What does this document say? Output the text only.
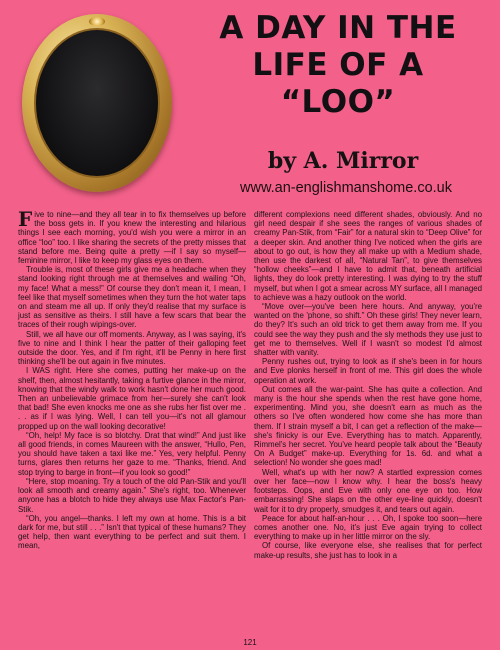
A DAY IN THE
LIFE OF A
“LOO”
by A. Mirror
www.an-englishmanshome.co.uk

Five to nine—and they all tear in to fix themselves up before the boss gets in. If you knew the interesting and hilarious things I see each morning, you'd wish you were a mirror in an office “loo” too. I like sharing the secrets of the pretty misses that stand before me. Being quite a pretty —if I say so myself—feminine mirror, I like to keep my glass eyes on them.

Trouble is, most of these girls give me a headache when they stand looking right through me at themselves and wailing “Oh, my face! What a mess!” Of course they don't mean it, I mean, I feel like that myself sometimes when they turn the hot water taps on and steam me all up. If only they'd realise that my surface is just as sensitive as theirs. I still have a few scars that bear the traces of their rough wipings-over.

Still, we all have our off moments. Anyway, as I was saying, it's five to nine and I think I hear the patter of their galloping feet outside the door. Yes, and if I'm right, it'll be Penny in here first thinking she'll be out again in five minutes.

I WAS right. Here she comes, putting her make-up on the shelf, then, almost hesitantly, taking a furtive glance in the mirror, knowing that the windy walk to work hasn't done her much good. Then an unbelievable grimace from her—surely she can't look that bad! She even knocks me one as she rubs her fist over me . . . as if I was lying. Well, I can tell you—it's not all glamour propped up on the wall looking decorative!

“Oh, help! My face is so blotchy. Drat that wind!” And just like all good friends, in comes Maureen with the answer, “Hullo, Pen, you should have taken a taxi like me.” Yes, very helpful. Penny turns, glares then returns her gaze to me. “Thanks, friend. And stop trying to barge in front—if you look so good!”

“Here, stop moaning. Try a touch of the old Pan-Stik and you'll look all smooth and creamy again.” She's right, too. Whenever anyone has a blotch to hide they always use Max Factor's Pan-Stik.

“Oh, you angel—thanks. I left my own at home. This is a bit dark for me, but still . . .” Isn't that typical of these humans? They get help, then want everything to be perfect and suit them. I mean,

different complexions need different shades, obviously. And no girl need despair if she sees the ranges of various shades of creamy Pan-Stik, from “Fair” for a natural skin to “Deep Olive” for a deeper skin. And another thing I've noticed when the girls are about to go out, is how they all make up with a Medium shade, then use the darkest of all, “Natural Tan”, to give themselves “hollow cheeks”—and I have to admit that, beneath artificial lights, they do look pretty interesting. I was dying to try the stuff myself, but when I got a smear across MY surface, all I managed to achieve was a hazy outlook on the world.

“Move over—you've been here hours. And anyway, you're wanted on the 'phone, so shift.” Oh these girls! They never learn, do they? It's such an old trick to get them away from me. If you could see the way they push and the sly methods they use just to get me to themselves. Well if I wasn't so modest I'd almost shatter with vanity.

Penny rushes out, trying to look as if she's been in for hours and Eve plonks herself in front of me. This girl does the whole operation at work.

Out comes all the war-paint. She has quite a collection. And many is the hour she spends when the rest have gone home, experimenting. Mind you, she doesn't earn as much as the others so I've often wondered how come she has more than them. If I strain myself a bit, I can get a reflection of the make—she's finicky is our Eve. Everything has to match. Apparently, Rimmel's her secret. You've heard people talk about the “Beauty On A Budget” make-up. Everything for 1s. 6d. and what a selection! No wonder she goes mad!

Well, what's up with her now? A startled expression comes over her face—now I know why. I hear the boss's heavy footsteps. Oops, and Eve with only one eye on too. How embarrassing! She slaps on the other eye-line quickly, doesn't wait for it to dry properly, smudges it, and tears out again.

Peace for about half-an-hour . . . Oh, I spoke too soon—here comes another one. No, it's just Eve again trying to collect everything to make up in her little mirror on the sly.

Of course, like everyone else, she realises that for perfect make-up results, she just has to look in a

121
